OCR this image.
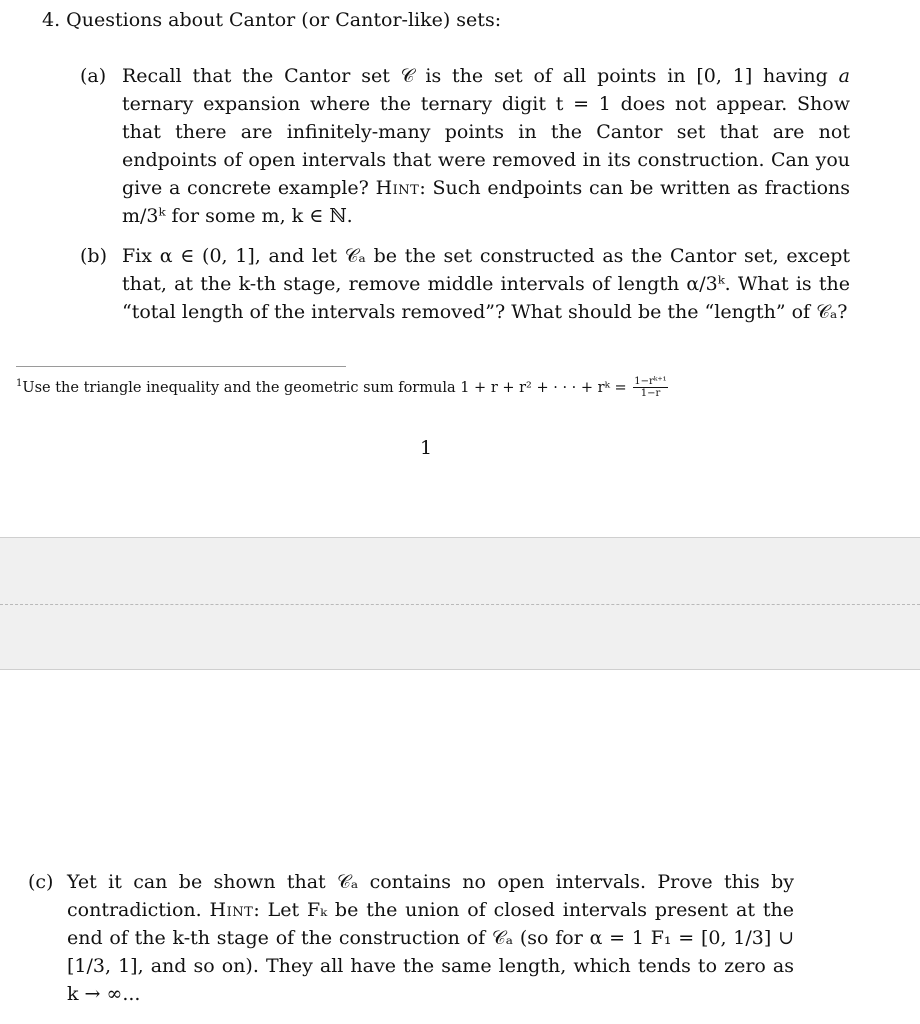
4. Questions about Cantor (or Cantor-like) sets:
(a) Recall that the Cantor set 𝒞 is the set of all points in [0, 1] having a ternary expansion where the ternary digit t = 1 does not appear. Show that there are infinitely-many points in the Cantor set that are not endpoints of open intervals that were removed in its construction. Can you give a concrete example? Hint: Such endpoints can be written as fractions m/3ᵏ for some m, k ∈ ℕ.
(b) Fix α ∈ (0, 1], and let 𝒞ₐ be the set constructed as the Cantor set, except that, at the k-th stage, remove middle intervals of length α/3ᵏ. What is the “total length of the intervals removed”? What should be the “length” of 𝒞ₐ?
$^1$Use the triangle inequality and the geometric sum formula 1 + r + r² + · · · + rᵏ = $\frac{\text{1−rᵏ⁺¹}}{1-r}$
1
(c) Yet it can be shown that 𝒞ₐ contains no open intervals. Prove this by contradiction. Hint: Let Fₖ be the union of closed intervals present at the end of the k-th stage of the construction of 𝒞ₐ (so for α = 1 F₁ = [0, 1/3] ∪ [1/3, 1], and so on). They all have the same length, which tends to zero as k → ∞...
